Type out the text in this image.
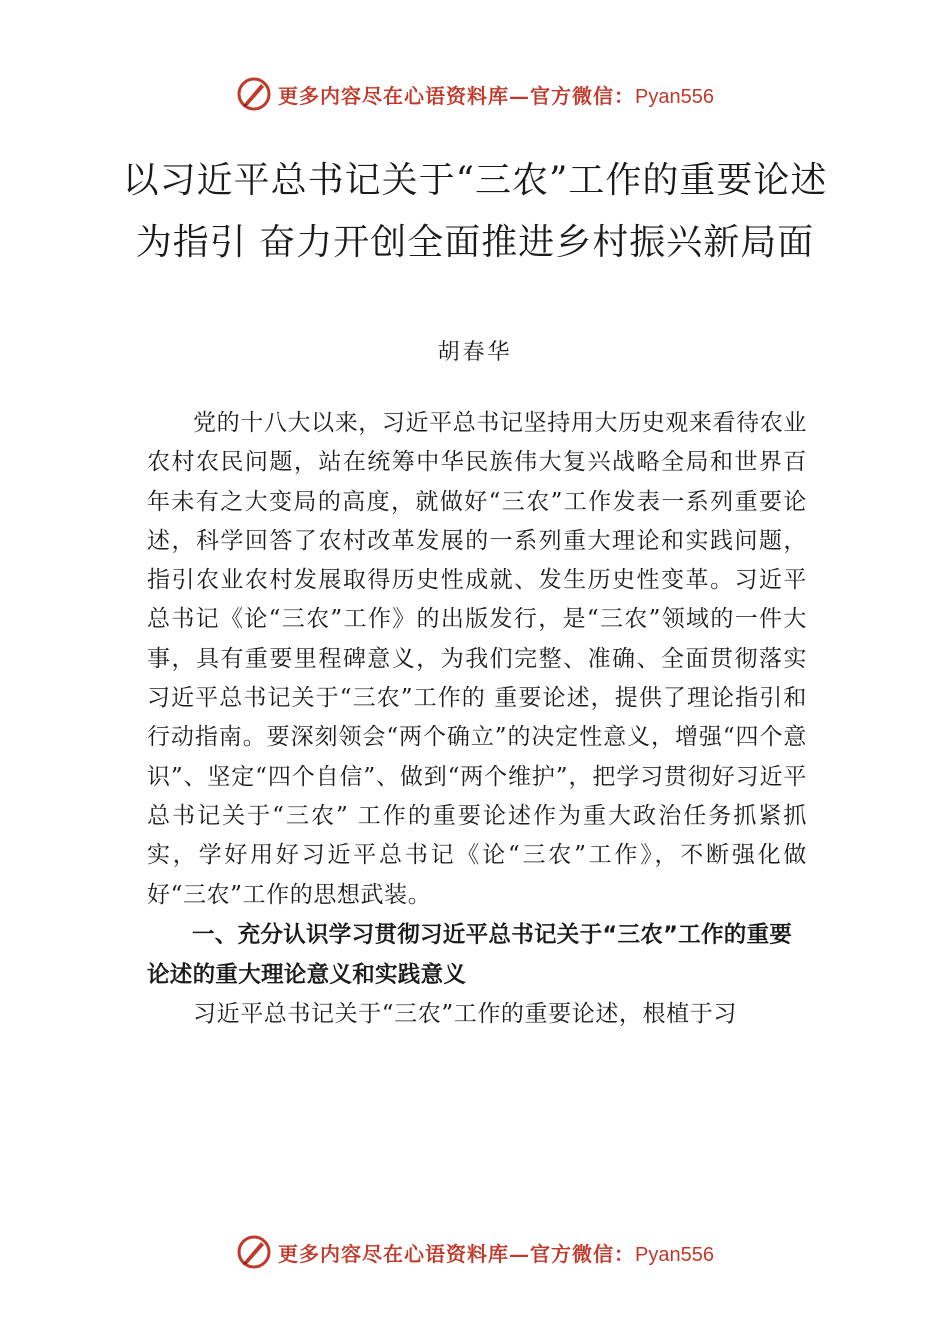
更多内容尽在心语资料库—官方微信：Pyan556
以习近平总书记关于“三农”工作的重要论述为指引 奋力开创全面推进乡村振兴新局面
胡春华

党的十八大以来，习近平总书记坚持用大历史观来看待农业农村农民问题，站在统筹中华民族伟大复兴战略全局和世界百年未有之大变局的高度，就做好“三农”工作发表一系列重要论述，科学回答了农村改革发展的一系列重大理论和实践问题，指引农业农村发展取得历史性成就、发生历史性变革。习近平总书记《论“三农”工作》的出版发行，是“三农”领域的一件大事，具有重要里程碑意义，为我们完整、准确、全面贯彻落实习近平总书记关于“三农”工作的 重要论述，提供了理论指引和行动指南。要深刻领会“两个确立”的决定性意义，增强“四个意识”、坚定“四个自信”、做到“两个维护”，把学习贯彻好习近平总书记关于“三农” 工作的重要论述作为重大政治任务抓紧抓实，学好用好习近平总书记《论“三农”工作》，不断强化做好“三农”工作的思想武装。

一、充分认识学习贯彻习近平总书记关于“三农”工作的重要论述的重大理论意义和实践意义

习近平总书记关于“三农”工作的重要论述，根植于习

更多内容尽在心语资料库—官方微信：Pyan556
